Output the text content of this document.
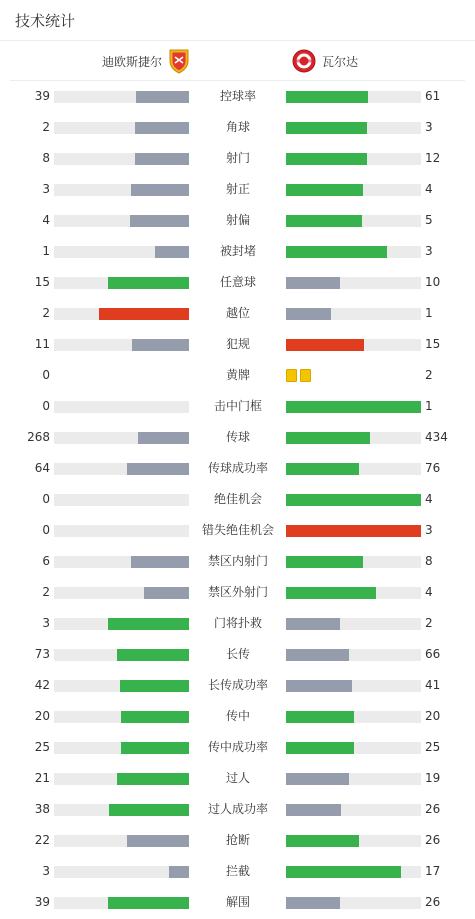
技术统计
迪欧斯捷尔	瓦尔达
39	控球率	61
2	角球	3
8	射门	12
3	射正	4
4	射偏	5
1	被封堵	3
15	任意球	10
2	越位	1
11	犯规	15
0	黄牌	2
0	击中门框	1
268	传球	434
64	传球成功率	76
0	绝佳机会	4
0	错失绝佳机会	3
6	禁区内射门	8
2	禁区外射门	4
3	门将扑救	2
73	长传	66
42	长传成功率	41
20	传中	20
25	传中成功率	25
21	过人	19
38	过人成功率	26
22	抢断	26
3	拦截	17
39	解围	26
